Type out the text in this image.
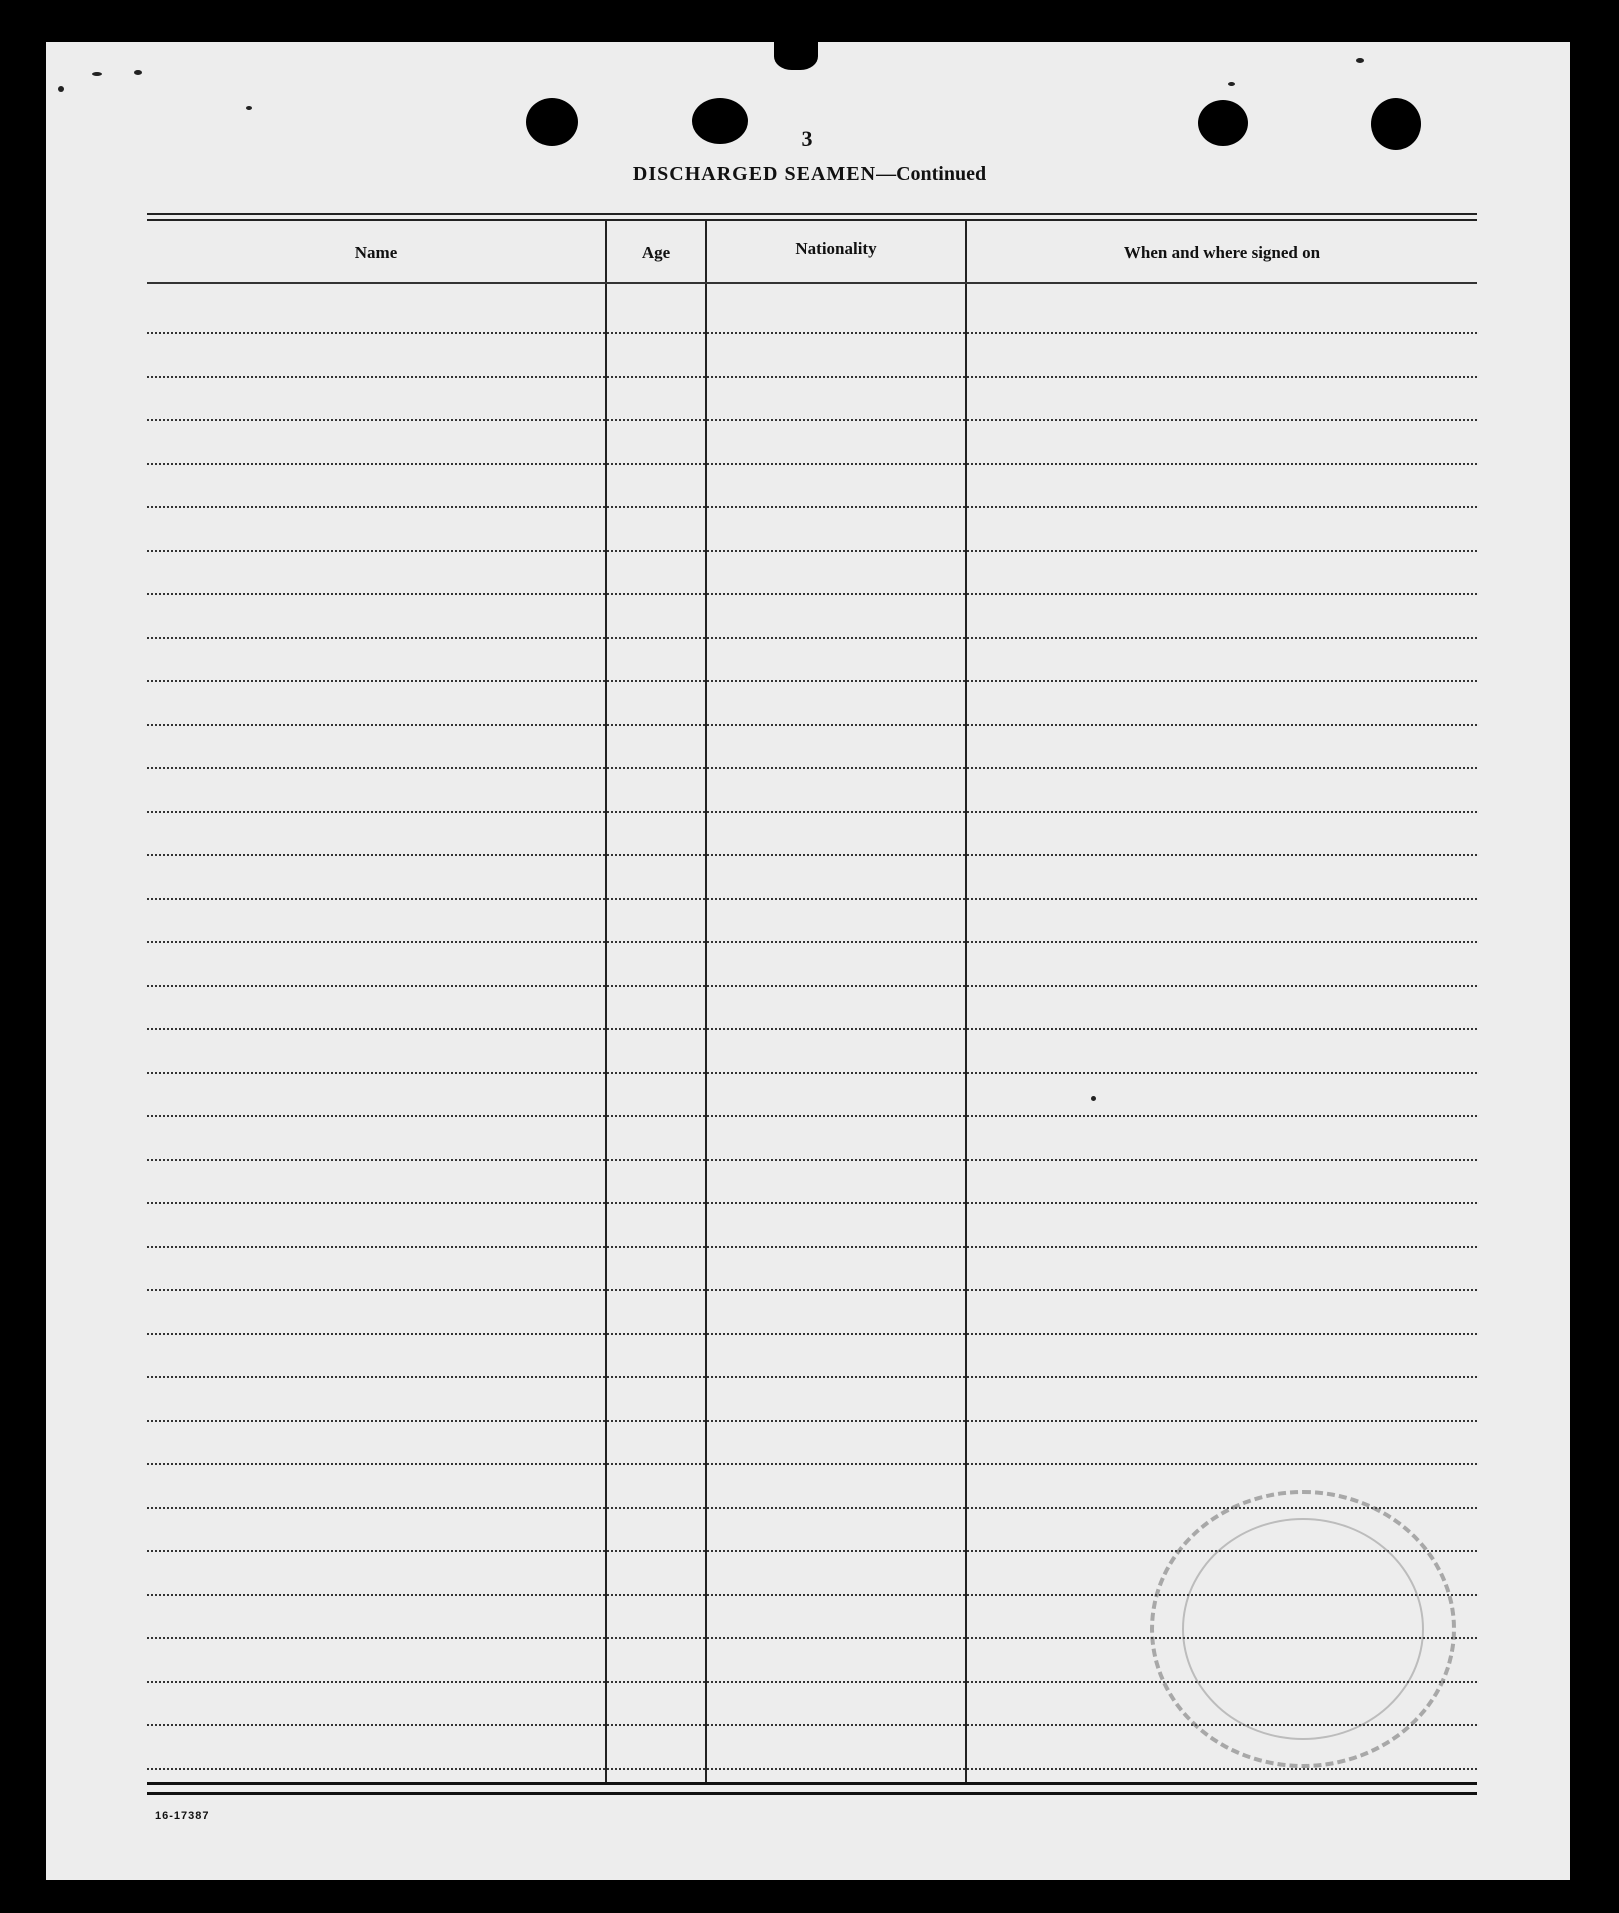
3
DISCHARGED SEAMEN—Continued
Name	Age	Nationality	When and where signed on
16-17387
